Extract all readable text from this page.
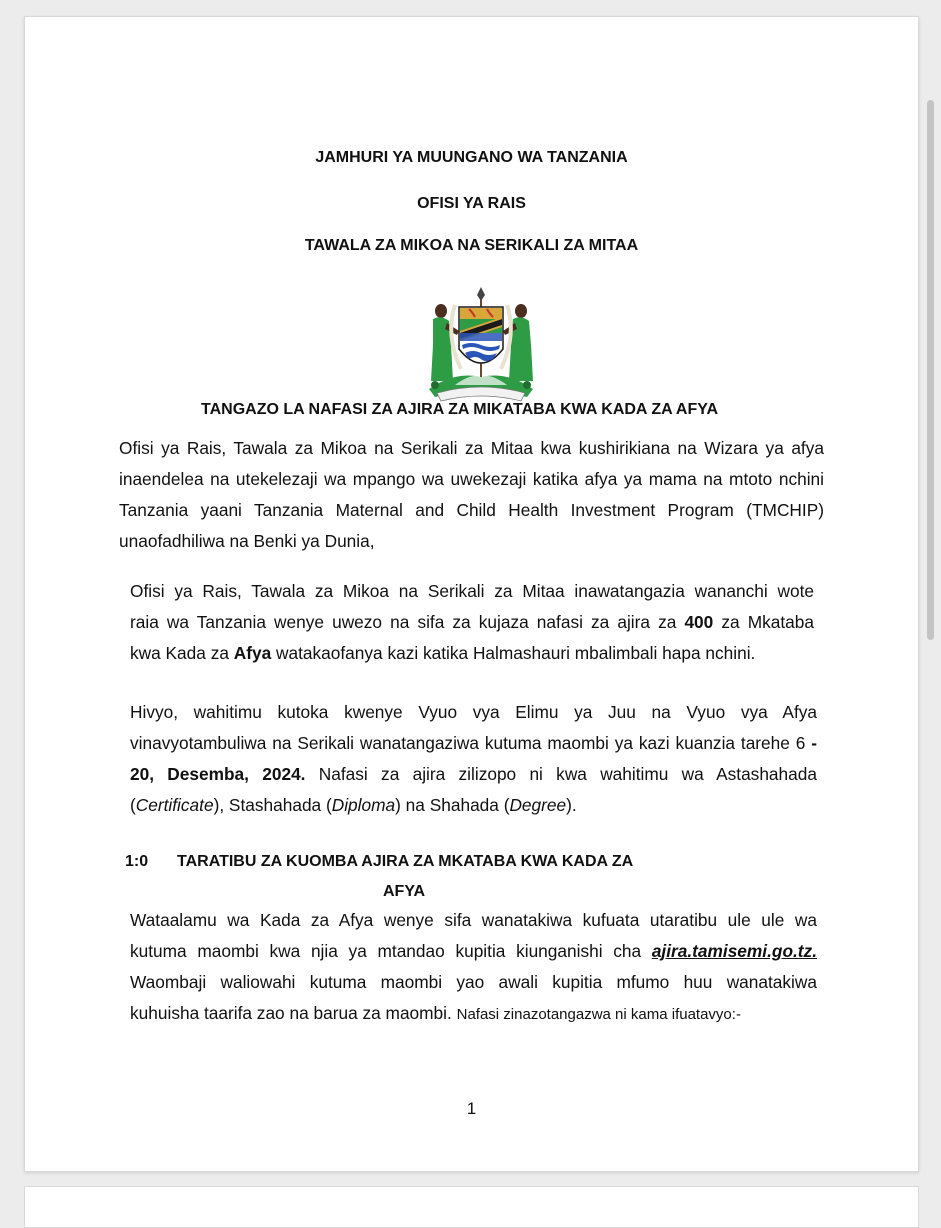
JAMHURI YA MUUNGANO WA TANZANIA
OFISI YA RAIS
TAWALA ZA MIKOA NA SERIKALI ZA MITAA
TANGAZO LA NAFASI ZA AJIRA ZA MIKATABA KWA KADA ZA AFYA
Ofisi ya Rais, Tawala za Mikoa na Serikali za Mitaa kwa kushirikiana na Wizara ya afya
inaendelea na utekelezaji wa mpango wa uwekezaji katika afya ya mama na mtoto nchini
Tanzania yaani Tanzania Maternal and Child Health Investment Program (TMCHIP)
unaofadhiliwa na Benki ya Dunia,
Ofisi ya Rais, Tawala za Mikoa na Serikali za Mitaa inawatangazia wananchi wote
raia wa Tanzania wenye uwezo na sifa za kujaza nafasi za ajira za 400 za Mkataba
kwa Kada za Afya watakaofanya kazi katika Halmashauri mbalimbali hapa nchini.
Hivyo, wahitimu kutoka kwenye Vyuo vya Elimu ya Juu na Vyuo vya Afya
vinavyotambuliwa na Serikali wanatangaziwa kutuma maombi ya kazi kuanzia tarehe 6 -
20, Desemba, 2024. Nafasi za ajira zilizopo ni kwa wahitimu wa Astashahada
(Certificate), Stashahada (Diploma) na Shahada (Degree).
1:0 TARATIBU ZA KUOMBA AJIRA ZA MKATABA KWA KADA ZA
AFYA
Wataalamu wa Kada za Afya wenye sifa wanatakiwa kufuata utaratibu ule ule wa
kutuma maombi kwa njia ya mtandao kupitia kiunganishi cha ajira.tamisemi.go.tz.
Waombaji waliowahi kutuma maombi yao awali kupitia mfumo huu wanatakiwa
kuhuisha taarifa zao na barua za maombi. Nafasi zinazotangazwa ni kama ifuatavyo:-
1
